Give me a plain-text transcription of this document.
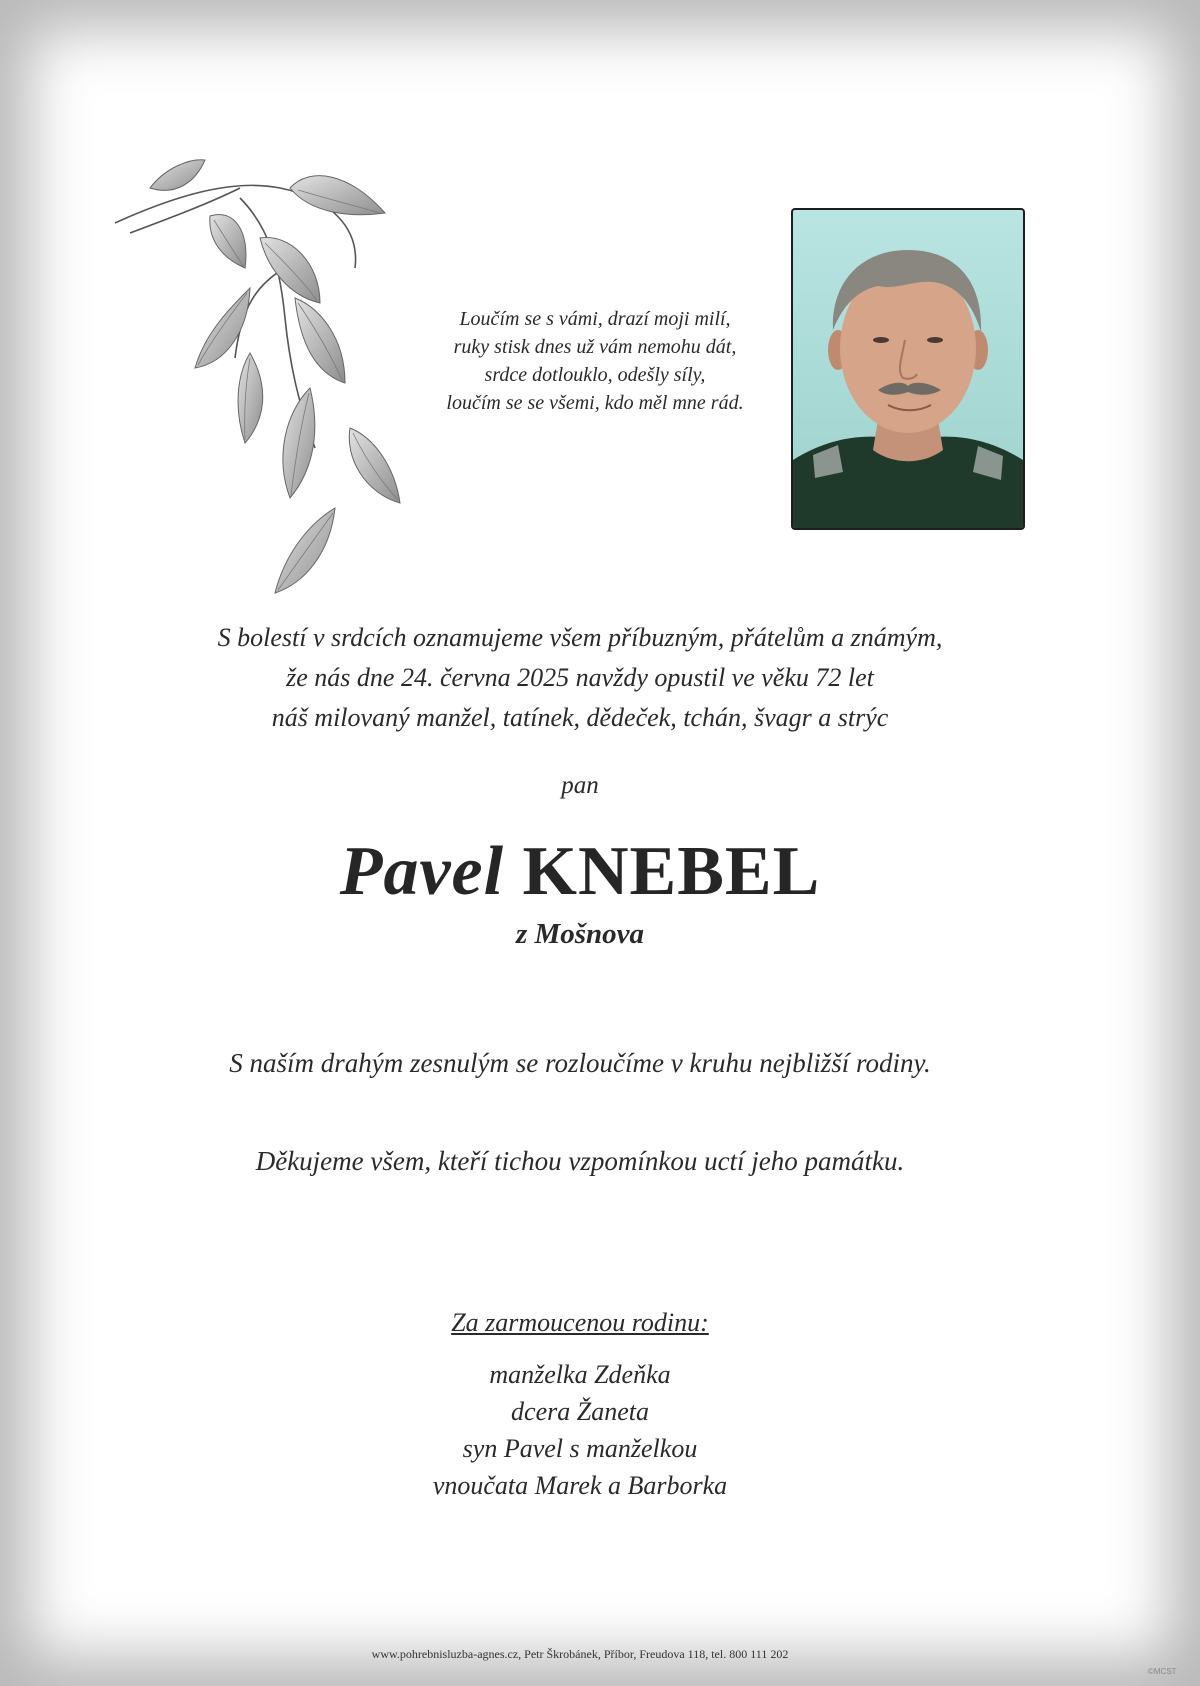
Loučím se s vámi, drazí moji milí,
ruky stisk dnes už vám nemohu dát,
srdce dotlouklo, odešly síly,
loučím se se všemi, kdo měl mne rád.
S bolestí v srdcích oznamujeme všem příbuzným, přátelům a známým,
že nás dne 24. června 2025 navždy opustil ve věku 72 let
náš milovaný manžel, tatínek, dědeček, tchán, švagr a strýc
pan
Pavel KNEBEL
z Mošnova
S naším drahým zesnulým se rozloučíme v kruhu nejbližší rodiny.
Děkujeme všem, kteří tichou vzpomínkou uctí jeho památku.
Za zarmoucenou rodinu:
manželka Zdeňka
dcera Žaneta
syn Pavel s manželkou
vnoučata Marek a Barborka
www.pohrebnisluzba-agnes.cz, Petr Škrobánek, Příbor, Freudova 118, tel. 800 111 202
©MCST
